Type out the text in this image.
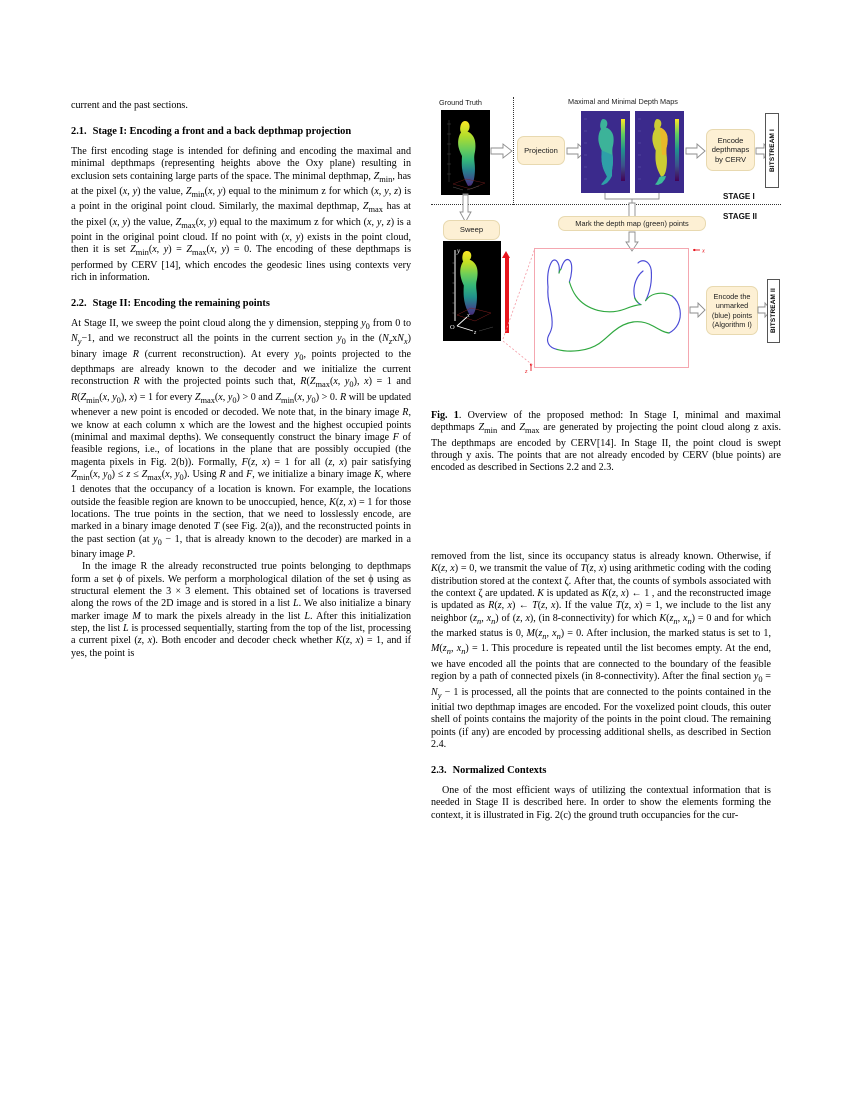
current and the past sections.

2.1. Stage I: Encoding a front and a back depthmap projection

The first encoding stage is intended for defining and encoding the maximal and minimal depthmaps (representing heights above the Oxy plane) resulting in exclusion sets containing large parts of the space. The minimal depthmap, $Z_{min}$, has at the pixel (x, y) the value, $Z_{min}(x$, y) equal to the minimum z for which (x, y, z) is a point in the original point cloud. Similarly, the maximal depthmap, $Z_{max}$ has at the pixel (x, y) the value, $Z_{max}(x$, y) equal to the maximum z for which (x, y, z) is a point in the original point cloud. If no point with (x, y) exists in the point cloud, then it is set $Z_{min}(x$, $y) = Z_{max}(x$, y) = 0. The encoding of these depthmaps is performed by CERV [14], which encodes the geodesic lines using contexts very rich in information.

2.2. Stage II: Encoding the remaining points

At Stage II, we sweep the point cloud along the y dimension, stepping $y_0$ from 0 to $N_y-1$, and we reconstruct all the points in the current section $y_0$ in the $(N_zxN_x)$ binary image R (current reconstruction). At every $y_0$, points projected to the depthmaps are already known to the decoder and we initialize the current reconstruction R with the projected points such that, $R(Z_{max}(x$, $y_0$), x) = 1 and $R(Z_{min}(x$, $y_0$), x) = 1 for every $Z_{max}(x$, $y_0) > 0$ and $Z_{min}(x$, $y_0) > 0$. R will be updated whenever a new point is encoded or decoded. We note that, in the binary image R, we know at each column x which are the lowest and the highest occupied points (minimal and maximal depths). We consequently construct the binary image F of feasible regions, i.e., of locations in the plane that are possibly occupied (the magenta pixels in Fig. 2(b)). Formally, F(z, x) = 1 for all (z, x) pair satisfying $Z_{min}(x$, $y_0) \le z \le Z_{max}(x$, $y_0$). Using R and F, we initialize a binary image K, where 1 denotes that the occupancy of a location is known. For example, the locations outside the feasible region are known to be unoccupied, hence, K(z, x) = 1 for those locations. The true points in the section, that we need to losslessly encode, are marked in a binary image denoted T (see Fig. 2(a)), and the reconstructed points in the past section (at $y_0 - 1$, that is already known to the decoder) are marked in a binary image P.

In the image R the already reconstructed true points belonging to depthmaps form a set ϕ of pixels. We perform a morphological dilation of the set ϕ using as structural element the 3 × 3 element. This obtained set of locations is traversed along the rows of the 2D image and is stored in a list L. We also initialize a binary marker image M to mark the pixels already in the list L. After this initialization step, the list L is processed sequentially, starting from the top of the list, processing a current pixel (z, x). Both encoder and decoder check whether K(z, x) = 1, and if yes, the point is

Ground Truth
Projection
Maximal and Minimal Depth Maps
Encode depthmaps by CERV	BITSTREAM I
STAGE I
STAGE II
Sweep
Mark the depth map (green) points
y
O
x
z
x
z
Encode the unmarked (blue) points (Algorithm I)	BITSTREAM II
Fig. 1. Overview of the proposed method: In Stage I, minimal and maximal depthmaps $Z_{min}$ and $Z_{max}$ are generated by projecting the point cloud along z axis. The depthmaps are encoded by CERV[14]. In Stage II, the point cloud is swept through y axis. The points that are not already encoded by CERV (blue points) are encoded as described in Sections 2.2 and 2.3.

removed from the list, since its occupancy status is already known. Otherwise, if K(z, x) = 0, we transmit the value of T(z, x) using arithmetic coding with the coding distribution stored at the context ζ. After that, the counts of symbols associated with the context ζ are updated. K is updated as K(z, x) ← 1 , and the reconstructed image is updated as R(z, x) ← T(z, x). If the value T(z, x) = 1, we include to the list any neighbor ($z_n$, $x_n$) of (z, x), (in 8-connectivity) for which $K(z_n$, $x_n) = 0$ and for which the marked status is 0, $M(z_n$, $x_n) = 0$. After inclusion, the marked status is set to 1, $M(z_n$, $x_n) = 1$. This procedure is repeated until the list becomes empty. At the end, we have encoded all the points that are connected to the boundary of the feasible region by a path of connected pixels (in 8-connectivity). After the final section $y_0 = N_y - 1$ is processed, all the points that are connected to the points contained in the initial two depthmap images are encoded. For the voxelized point clouds, this outer shell of points contains the majority of the points in the point cloud. The remaining points (if any) are encoded by processing additional shells, as described in Section 2.4.

2.3. Normalized Contexts

One of the most efficient ways of utilizing the contextual information that is needed in Stage II is described here. In order to show the elements forming the context, it is illustrated in Fig. 2(c) the ground truth occupancies for the cur-
